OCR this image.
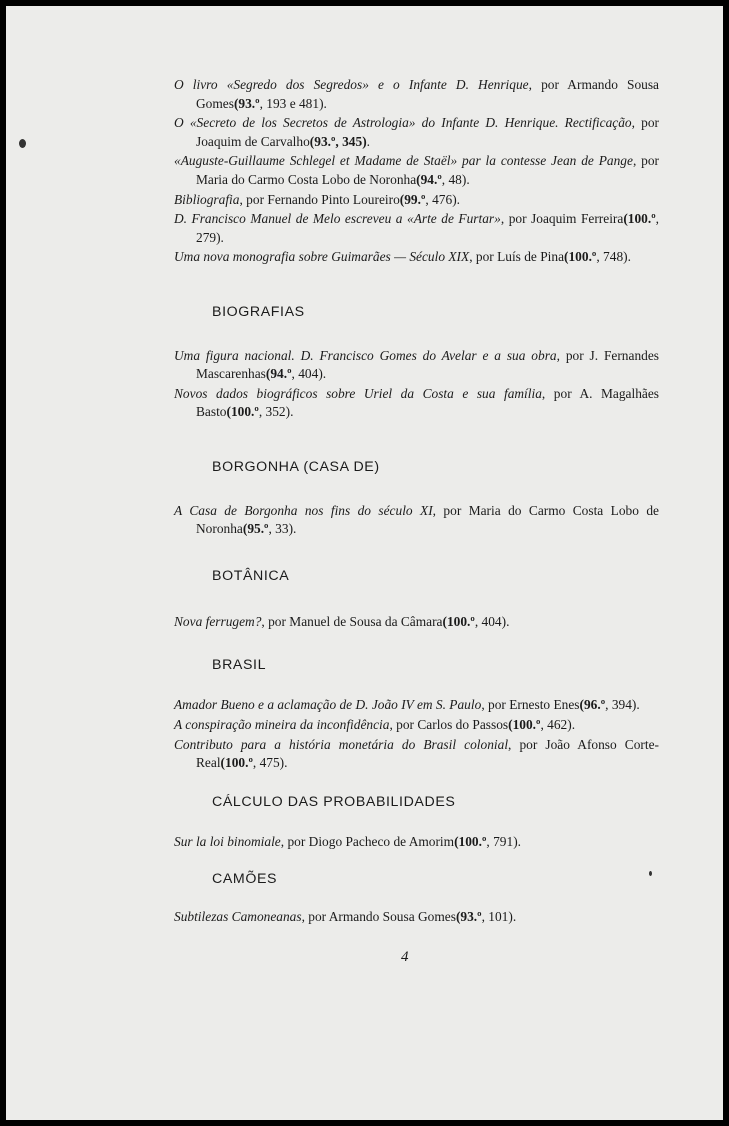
O livro «Segredo dos Segredos» e o Infante D. Henrique, por Armando Sousa Gomes(93.º, 193 e 481).

O «Secreto de los Secretos de Astrologia» do Infante D. Henrique. Rectificação, por Joaquim de Carvalho(93.º, 345).

«Auguste-Guillaume Schlegel et Madame de Staël» par la contesse Jean de Pange, por Maria do Carmo Costa Lobo de Noronha(94.º, 48).

Bibliografia, por Fernando Pinto Loureiro(99.º, 476).

D. Francisco Manuel de Melo escreveu a «Arte de Furtar», por Joaquim Ferreira(100.º, 279).

Uma nova monografia sobre Guimarães — Século XIX, por Luís de Pina(100.º, 748).

BIOGRAFIAS

Uma figura nacional. D. Francisco Gomes do Avelar e a sua obra, por J. Fernandes Mascarenhas(94.º, 404).

Novos dados biográficos sobre Uriel da Costa e sua família, por A. Magalhães Basto(100.º, 352).

BORGONHA (CASA DE)

A Casa de Borgonha nos fins do século XI, por Maria do Carmo Costa Lobo de Noronha(95.º, 33).

BOTÂNICA

Nova ferrugem?, por Manuel de Sousa da Câmara(100.º, 404).

BRASIL

Amador Bueno e a aclamação de D. João IV em S. Paulo, por Ernesto Enes(96.º, 394).

A conspiração mineira da inconfidência, por Carlos do Passos(100.º, 462).

Contributo para a história monetária do Brasil colonial, por João Afonso Corte-Real(100.º, 475).

CÁLCULO DAS PROBABILIDADES

Sur la loi binomiale, por Diogo Pacheco de Amorim(100.º, 791).

CAMÕES

Subtilezas Camoneanas, por Armando Sousa Gomes(93.º, 101).

4
